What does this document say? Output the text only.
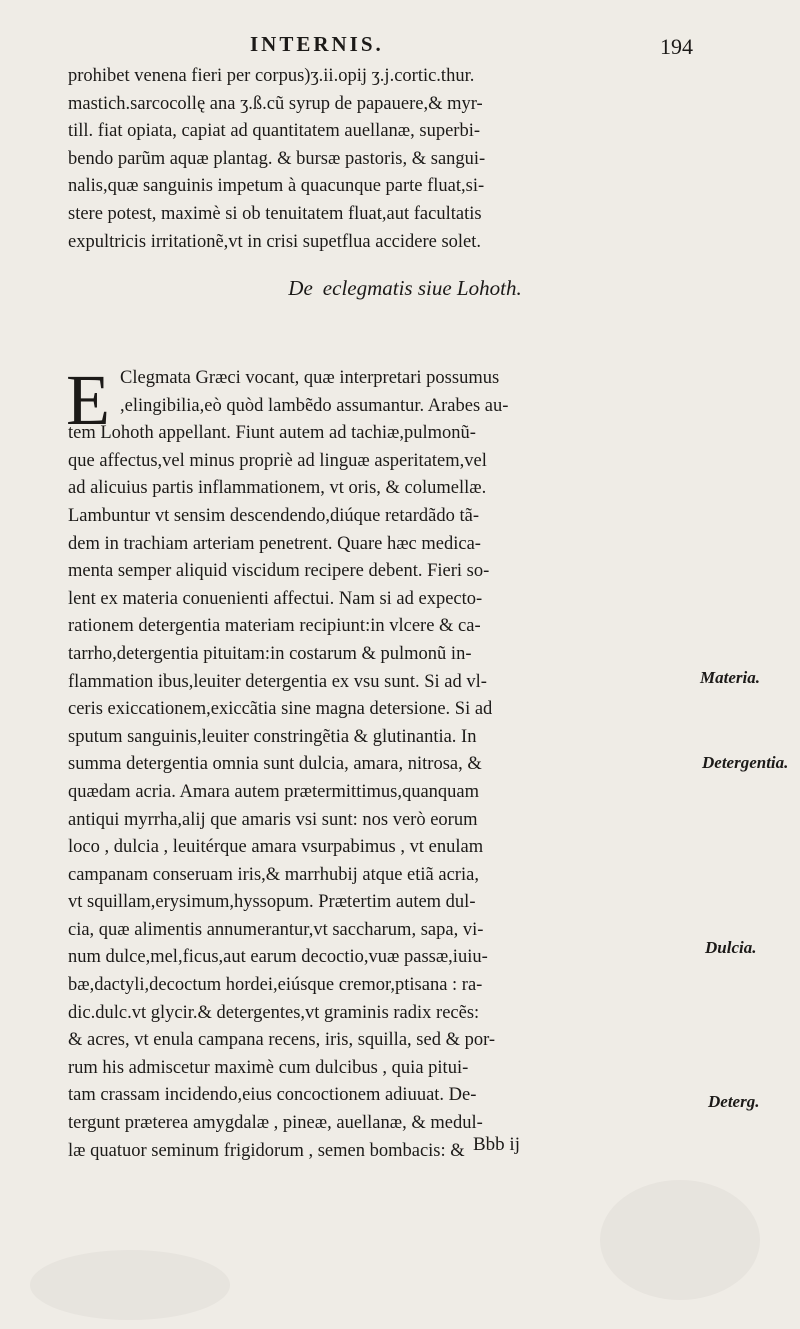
INTERNIS.	194
prohibet venena fieri per corpus)ʒ.ii.opij ʒ.j.cortic.thur.
mastich.sarcocollę ana ʒ.ß.cũ syrup de papauere,& myr-
till. fiat opiata, capiat ad quantitatem auellanæ, superbi-
bendo parũm aquæ plantag. & bursæ pastoris, & sangui-
nalis,quæ sanguinis impetum à quacunque parte fluat,si-
stere potest, maximè si ob tenuitatem fluat,aut facultatis
expultricis irritationẽ,vt in crisi supetflua accidere solet.
De eclegmatis siue Lohoth.
E Clegmata Græci vocant, quæ interpretari possumus
,elingibilia,eò quòd lambẽdo assumantur. Arabes au-
tem Lohoth appellant. Fiunt autem ad tachiæ,pulmonũ-
que affectus,vel minus propriè ad linguæ asperitatem,vel
ad alicuius partis inflammationem, vt oris, & columellæ.
Lambuntur vt sensim descendendo,diúque retardãdo tã-
dem in trachiam arteriam penetrent. Quare hæc medica-
menta semper aliquid viscidum recipere debent. Fieri so-
lent ex materia conuenienti affectui. Nam si ad expecto-
rationem detergentia materiam recipiunt:in vlcere & ca-
tarrho,detergentia pituitam:in costarum & pulmonũ in-
flammation ibus,leuiter detergentia ex vsu sunt. Si ad vl-
ceris exiccationem,exiccãtia sine magna detersione. Si ad
sputum sanguinis,leuiter constringẽtia & glutinantia. In
summa detergentia omnia sunt dulcia, amara, nitrosa, &
quædam acria. Amara autem prætermittimus,quanquam
antiqui myrrha,alij que amaris vsi sunt: nos verò eorum
loco , dulcia , leuitérque amara vsurpabimus , vt enulam
campanam conseruam iris,& marrhubij atque etiã acria,
vt squillam,erysimum,hyssopum. Prætertim autem dul-
cia, quæ alimentis annumerantur,vt saccharum, sapa, vi-
num dulce,mel,ficus,aut earum decoctio,vuæ passæ,iuiu-
bæ,dactyli,decoctum hordei,eiúsque cremor,ptisana : ra-
dic.dulc.vt glycir.& detergentes,vt graminis radix recẽs:
& acres, vt enula campana recens, iris, squilla, sed & por-
rum his admiscetur maximè cum dulcibus , quia pitui-
tam crassam incidendo,eius concoctionem adiuuat. De-
tergunt præterea amygdalæ , pineæ, auellanæ, & medul-
læ quatuor seminum frigidorum , semen bombacis: &
Materia.
Detergentia.
Dulcia.
Deterg.
Bbb ij
